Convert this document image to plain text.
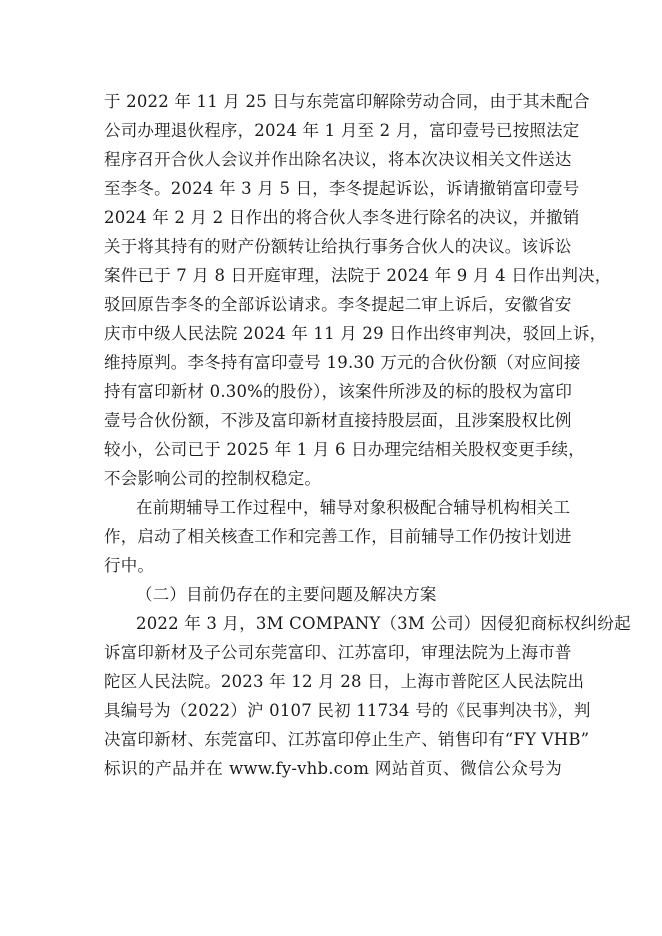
于 2022 年 11 月 25 日与东莞富印解除劳动合同，由于其未配合
公司办理退伙程序，2024 年 1 月至 2 月，富印壹号已按照法定
程序召开合伙人会议并作出除名决议，将本次决议相关文件送达
至李冬。2024 年 3 月 5 日，李冬提起诉讼，诉请撤销富印壹号
2024 年 2 月 2 日作出的将合伙人李冬进行除名的决议，并撤销
关于将其持有的财产份额转让给执行事务合伙人的决议。该诉讼
案件已于 7 月 8 日开庭审理，法院于 2024 年 9 月 4 日作出判决，
驳回原告李冬的全部诉讼请求。李冬提起二审上诉后，安徽省安
庆市中级人民法院 2024 年 11 月 29 日作出终审判决，驳回上诉，
维持原判。李冬持有富印壹号 19.30 万元的合伙份额（对应间接
持有富印新材 0.30%的股份），该案件所涉及的标的股权为富印
壹号合伙份额，不涉及富印新材直接持股层面，且涉案股权比例
较小，公司已于 2025 年 1 月 6 日办理完结相关股权变更手续，
不会影响公司的控制权稳定。
在前期辅导工作过程中，辅导对象积极配合辅导机构相关工
作，启动了相关核查工作和完善工作，目前辅导工作仍按计划进
行中。
（二）目前仍存在的主要问题及解决方案
2022 年 3 月，3M COMPANY（3M 公司）因侵犯商标权纠纷起
诉富印新材及子公司东莞富印、江苏富印，审理法院为上海市普
陀区人民法院。2023 年 12 月 28 日，上海市普陀区人民法院出
具编号为（2022）沪 0107 民初 11734 号的《民事判决书》，判
决富印新材、东莞富印、江苏富印停止生产、销售印有“FY VHB”
标识的产品并在 www.fy-vhb.com 网站首页、微信公众号为
